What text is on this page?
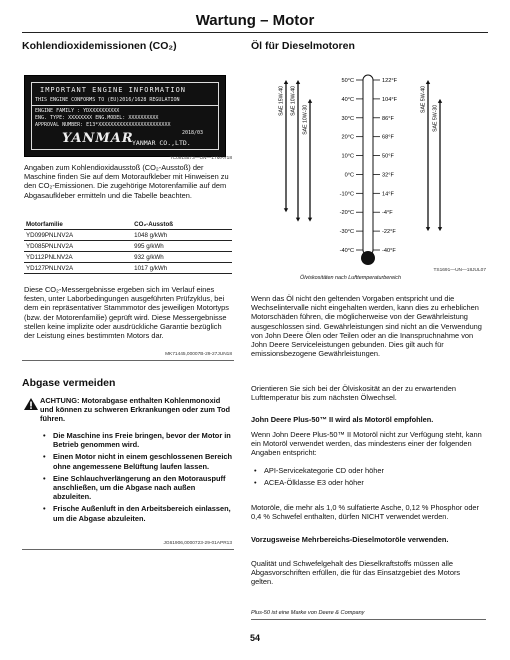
Wartung – Motor
Kohlendioxidemissionen (CO₂)
IMPORTANT ENGINE INFORMATION
THIS ENGINE CONFORMS TO (EU)2016/1628 REGULATION
ENGINE FAMILY : YDXXXXXXXXXX
ENG. TYPE: XXXXXXXX ENG.MODEL: XXXXXXXXXX
APPROVAL NUMBER: E13*XXXXXXXXXXXXXXXXXXXXXXXX
2018/03
YANMAR
YANMAR CO.,LTD.
TC0915573—UN—17MAY18
Angaben zum Kohlendioxidausstoß (CO₂-Ausstoß) der Maschine finden Sie auf dem Motoraufkleber mit Hinweisen zu den CO₂-Emissionen. Die zugehörige Motorenfamilie auf dem Abgasaufkleber ermitteln und die Tabelle beachten.
Motorfamilie	CO₂-Ausstoß
YD099PNLNV2A	1048 g/kWh
YD085PNLNV2A	995 g/kWh
YD112PNLNV2A	932 g/kWh
YD127PNLNV2A	1017 g/kWh
Diese CO₂-Messergebnisse ergeben sich im Verlauf eines festen, unter Laborbedingungen ausgeführten Prüfzyklus, bei dem ein repräsentativer Stammmotor des jeweiligen Motortyps (bzw. der Motorenfamilie) geprüft wird. Diese Messergebnisse stellen keine implizite oder ausdrückliche Garantie bezüglich der Leistung eines bestimmten Motors dar.
MK71445,00007B-29-27JUN18
Abgase vermeiden
ACHTUNG: Motorabgase enthalten Kohlenmonoxid und können zu schweren Erkrankungen oder zum Tod führen.
• Die Maschine ins Freie bringen, bevor der Motor in Betrieb genommen wird.
• Einen Motor nicht in einem geschlossenen Bereich ohne angemessene Belüftung laufen lassen.
• Eine Schlauchverlängerung an den Motorauspuff anschließen, um die Abgase nach außen abzuleiten.
• Frische Außenluft in den Arbeitsbereich einlassen, um die Abgase abzuleiten.
JG61906,0000723-29-01APR13
Öl für Dieselmotoren
50°C	122°F
40°C	104°F
30°C	86°F
20°C	68°F
10°C	50°F
0°C	32°F
-10°C	14°F
-20°C	-4°F
-30°C	-22°F
-40°C	-40°F
SAE 15W-40 SAE 10W-40
SAE 10W-30
SAE 5W-40
SAE 5W-30
TS1691—UN—18JUL07
Ölviskositäten nach Lufttemperaturbereich
Wenn das Öl nicht den geltenden Vorgaben entspricht und die Wechselintervalle nicht eingehalten werden, kann dies zu erheblichen Motorschäden führen, die möglicherweise von der Gewährleistung ausgeschlossen sind. Gewährleistungen sind nicht an die Verwendung von John Deere Ölen oder Teilen oder an die Inanspruchnahme von John Deere Serviceleistungen gebunden. Dies gilt auch für emissionsbezogene Gewährleistungen.
Orientieren Sie sich bei der Ölviskosität an der zu erwartenden Lufttemperatur bis zum nächsten Ölwechsel.
John Deere Plus-50™ II wird als Motoröl empfohlen.
Wenn John Deere Plus-50™ II Motoröl nicht zur Verfügung steht, kann ein Motoröl verwendet werden, das mindestens einer der folgenden Angaben entspricht:
• API-Servicekategorie CD oder höher
• ACEA-Ölklasse E3 oder höher
Motoröle, die mehr als 1,0 % sulfatierte Asche, 0,12 % Phosphor oder 0,4 % Schwefel enthalten, dürfen NICHT verwendet werden.
Vorzugsweise Mehrbereichs-Dieselmotoröle verwenden.
Qualität und Schwefelgehalt des Dieselkraftstoffs müssen alle Abgasvorschriften erfüllen, die für das Einsatzgebiet des Motors gelten.
Plus-50 ist eine Marke von Deere & Company
54
